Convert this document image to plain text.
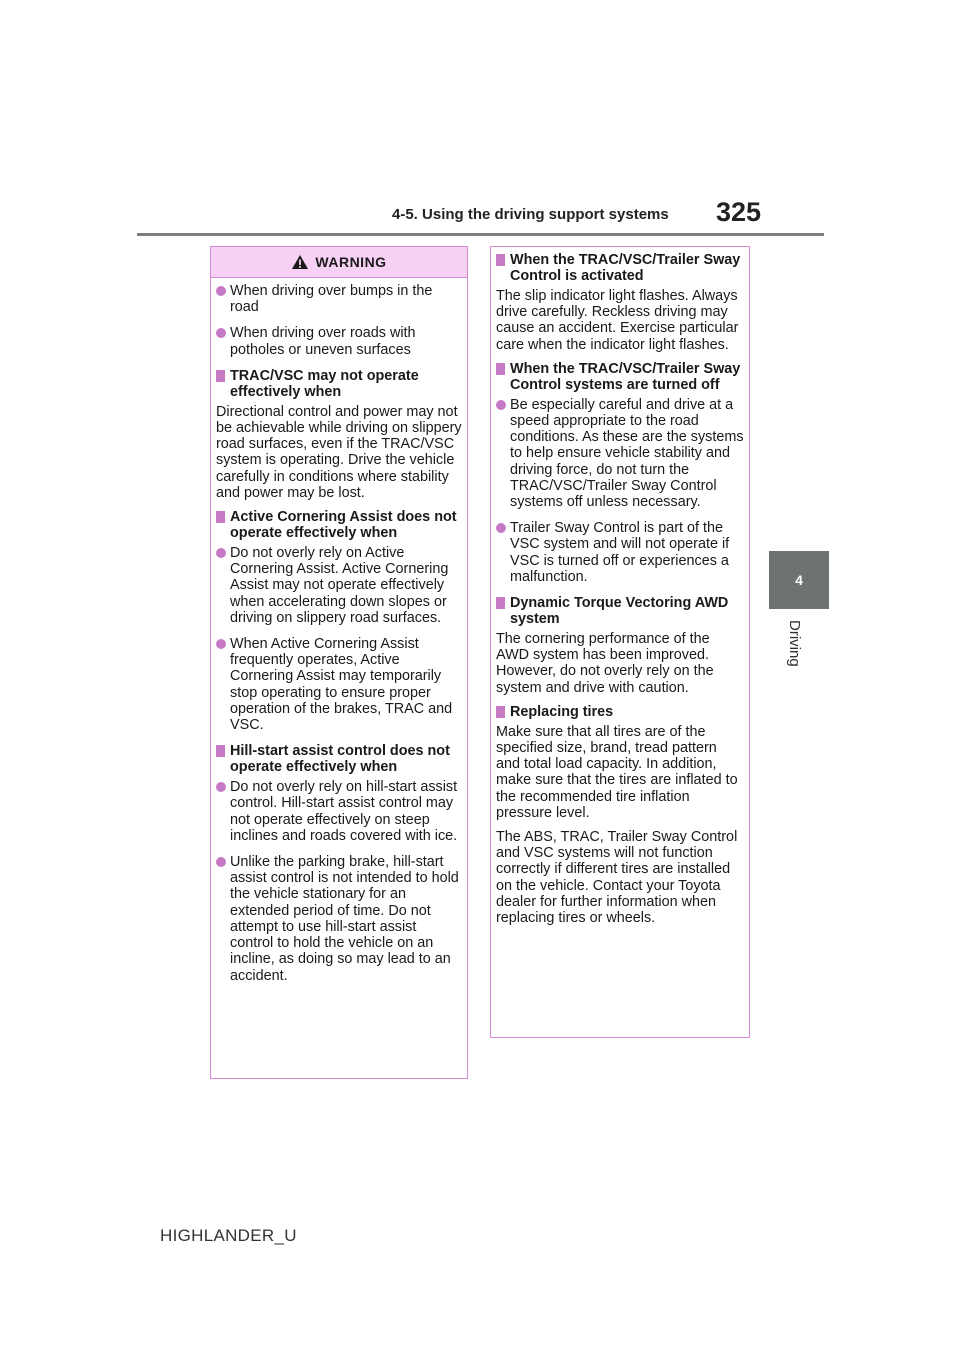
4-5. Using the driving support systems 325
4
Driving
WARNING
When driving over bumps in the road
When driving over roads with potholes or uneven surfaces
TRAC/VSC may not operate effectively when
Directional control and power may not be achievable while driving on slippery road surfaces, even if the TRAC/VSC system is operating. Drive the vehicle carefully in conditions where stability and power may be lost.
Active Cornering Assist does not operate effectively when
Do not overly rely on Active Cornering Assist. Active Cornering Assist may not operate effectively when accelerating down slopes or driving on slippery road surfaces.
When Active Cornering Assist frequently operates, Active Cornering Assist may temporarily stop operating to ensure proper operation of the brakes, TRAC and VSC.
Hill-start assist control does not operate effectively when
Do not overly rely on hill-start assist control. Hill-start assist control may not operate effectively on steep inclines and roads covered with ice.
Unlike the parking brake, hill-start assist control is not intended to hold the vehicle stationary for an extended period of time. Do not attempt to use hill-start assist control to hold the vehicle on an incline, as doing so may lead to an accident.
When the TRAC/VSC/Trailer Sway Control is activated
The slip indicator light flashes. Always drive carefully. Reckless driving may cause an accident. Exercise particular care when the indicator light flashes.
When the TRAC/VSC/Trailer Sway Control systems are turned off
Be especially careful and drive at a speed appropriate to the road conditions. As these are the systems to help ensure vehicle stability and driving force, do not turn the TRAC/VSC/Trailer Sway Control systems off unless necessary.
Trailer Sway Control is part of the VSC system and will not operate if VSC is turned off or experiences a malfunction.
Dynamic Torque Vectoring AWD system
The cornering performance of the AWD system has been improved. However, do not overly rely on the system and drive with caution.
Replacing tires
Make sure that all tires are of the specified size, brand, tread pattern and total load capacity. In addition, make sure that the tires are inflated to the recommended tire inflation pressure level.
The ABS, TRAC, Trailer Sway Control and VSC systems will not function correctly if different tires are installed on the vehicle. Contact your Toyota dealer for further information when replacing tires or wheels.
HIGHLANDER_U
